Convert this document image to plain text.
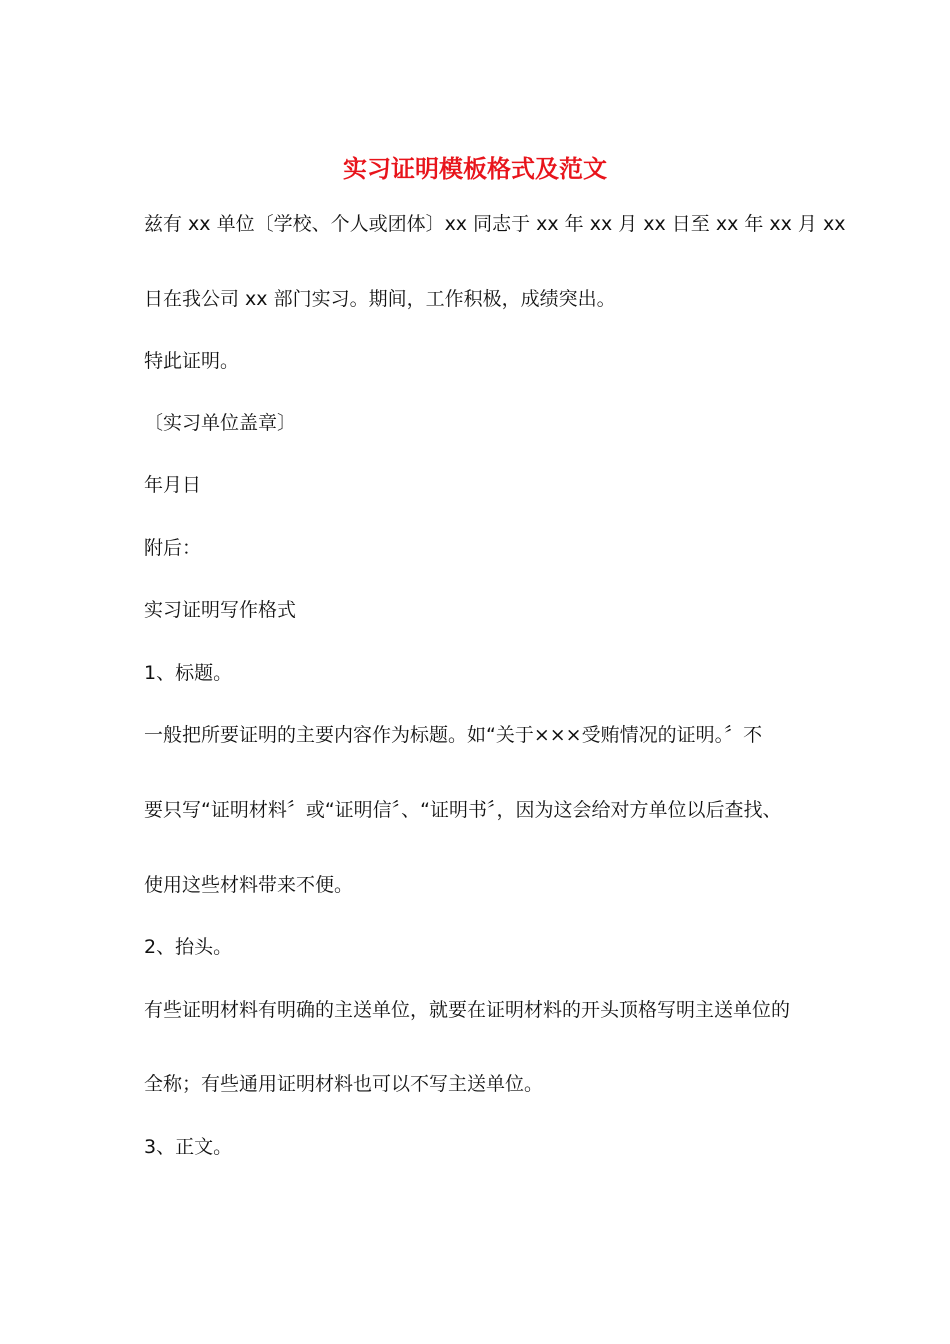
实习证明模板格式及范文
兹有 xx 单位〔学校、个人或团体〕xx 同志于 xx 年 xx 月 xx 日至 xx 年 xx 月 xx
日在我公司 xx 部门实习。期间，工作积极，成绩突出。
特此证明。
〔实习单位盖章〕
年月日
附后：
实习证明写作格式
1、标题。
一般把所要证明的主要内容作为标题。如“关于×××受贿情况的证明。〞不
要只写“证明材料〞或“证明信〞、“证明书〞，因为这会给对方单位以后查找、
使用这些材料带来不便。
2、抬头。
有些证明材料有明确的主送单位，就要在证明材料的开头顶格写明主送单位的
全称；有些通用证明材料也可以不写主送单位。
3、正文。
